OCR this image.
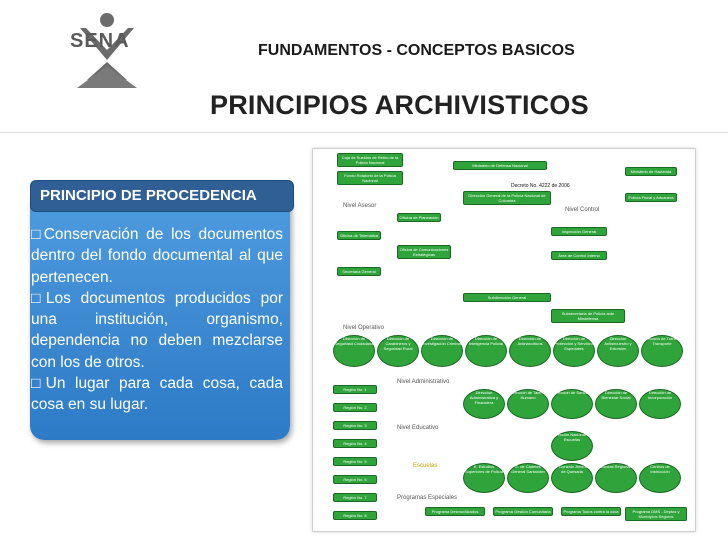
SENA	FUNDAMENTOS - CONCEPTOS BASICOS
PRINCIPIOS ARCHIVISTICOS
PRINCIPIO DE PROCEDENCIA

□Conservación de los documentos dentro del fondo documental al que pertenecen.

□Los documentos producidos por una institución, organismo, dependencia no deben mezclarse con los de otros.

□Un lugar para cada cosa, cada cosa en su lugar.

Caja de Sueldos de Retiro de la Policía Nacional
Fondo Rotatorio de la Policía Nacional
Ministerio de Defensa Nacional
Ministerio de Hacienda
Policía Fiscal y Aduanera
Decreto No. 4222 de 2006
Dirección General de la Policía Nacional de Colombia
Nivel Asesor
Nivel Control
Oficina de Planeación
Oficina de Telemática
Oficina de Comunicaciones Estratégicas
Secretaria General
Inspección General
Área de Control Interno
Subdirección General
Subsecretaría de Policía ante Mindefensa
Nivel Operativo
Dirección de Seguridad Ciudadana
Dirección de Carabineros y Seguridad Rural
Dirección de Investigación Criminal
Dirección de Inteligencia Policial
Dirección de Antinarcóticos
Dirección de Protección y Servicios Especiales
Dirección Antisecuestro y Extorsión
Dirección de Tránsito Transporte
Región No. 1
Región No. 2
Región No. 3
Región No. 4
Región No. 5
Región No. 6
Región No. 7
Región No. 8
Nivel Administrativo
Dirección Administrativa y Financiera
Dirección de Talento Humano
Dirección de Sanidad	Dirección de Bienestar Social
Dirección de Incorporación
Nivel Educativo
Dirección Nacional de Escuelas
Escuelas	E. Estudios Superiores de Policía
E. de Cadetes General Santander
E. Gonzalo Jiménez de Quesada
Escuelas Regionales	Centros de Instrucción
Programas Especiales
Programa Desmovilizados	Programa Gestión Comunitaria	Programa Todos contra la coca	Programa DMS - Deptos y Municipios Seguros
